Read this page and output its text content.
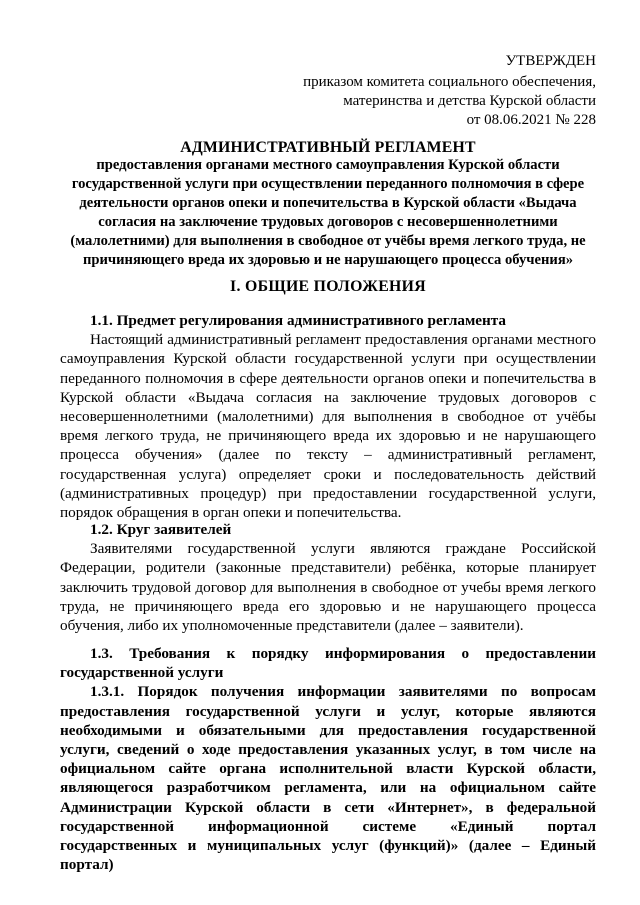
УТВЕРЖДЕН
приказом комитета социального обеспечения,
материнства и детства Курской области
от 08.06.2021 № 228
АДМИНИСТРАТИВНЫЙ РЕГЛАМЕНТ
предоставления органами местного самоуправления Курской области государственной услуги при осуществлении переданного полномочия в сфере деятельности органов опеки и попечительства в Курской области «Выдача согласия на заключение трудовых договоров с несовершеннолетними (малолетними) для выполнения в свободное от учёбы время легкого труда, не причиняющего вреда их здоровью и не нарушающего процесса обучения»
I. ОБЩИЕ ПОЛОЖЕНИЯ

1.1. Предмет регулирования административного регламента

Настоящий административный регламент предоставления органами местного самоуправления Курской области государственной услуги при осуществлении переданного полномочия в сфере деятельности органов опеки и попечительства в Курской области «Выдача согласия на заключение трудовых договоров с несовершеннолетними (малолетними) для выполнения в свободное от учёбы время легкого труда, не причиняющего вреда их здоровью и не нарушающего процесса обучения» (далее по тексту – административный регламент, государственная услуга) определяет сроки и последовательность действий (административных процедур) при предоставлении государственной услуги, порядок обращения в орган опеки и попечительства.

1.2. Круг заявителей

Заявителями государственной услуги являются граждане Российской Федерации, родители (законные представители) ребёнка, которые планирует заключить трудовой договор для выполнения в свободное от учебы время легкого труда, не причиняющего вреда его здоровью и не нарушающего процесса обучения, либо их уполномоченные представители (далее – заявители).

1.3. Требования к порядку информирования о предоставлении государственной услуги

1.3.1. Порядок получения информации заявителями по вопросам предоставления государственной услуги и услуг, которые являются необходимыми и обязательными для предоставления государственной услуги, сведений о ходе предоставления указанных услуг, в том числе на официальном сайте органа исполнительной власти Курской области, являющегося разработчиком регламента, или на официальном сайте Администрации Курской области в сети «Интернет», в федеральной государственной информационной системе «Единый портал государственных и муниципальных услуг (функций)» (далее – Единый портал)
